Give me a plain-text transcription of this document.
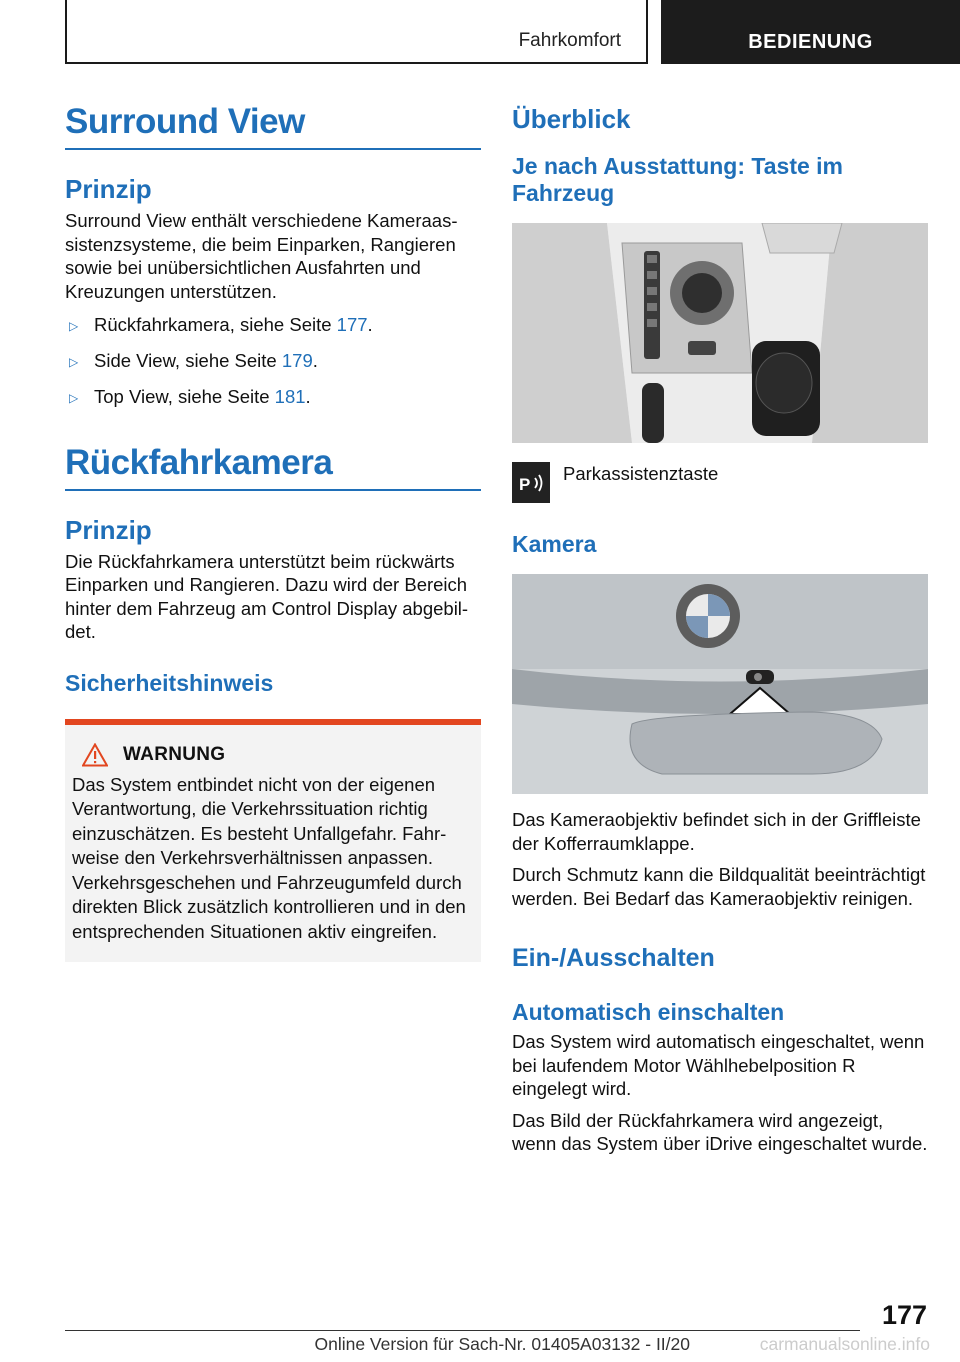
Fahrkomfort	BEDIENUNG
Surround View
Prinzip

Surround View enthält verschiedene Kameraassistenzsysteme, die beim Einparken, Rangieren sowie bei unübersichtlichen Ausfahrten und Kreuzungen unterstützen.

▷ Rückfahrkamera, siehe Seite 177.
▷ Side View, siehe Seite 179.
▷ Top View, siehe Seite 181.
Rückfahrkamera
Prinzip

Die Rückfahrkamera unterstützt beim rückwärts Einparken und Rangieren. Dazu wird der Bereich hinter dem Fahrzeug am Control Display abgebildet.

Sicherheitshinweis
WARNUNG

Das System entbindet nicht von der eigenen Verantwortung, die Verkehrssituation richtig einzuschätzen. Es besteht Unfallgefahr. Fahrweise den Verkehrsverhältnissen anpassen. Verkehrsgeschehen und Fahrzeugumfeld durch direkten Blick zusätzlich kontrollieren und in den entsprechenden Situationen aktiv eingreifen.

Überblick
Je nach Ausstattung: Taste im Fahrzeug
P Parkassistenztaste
Kamera

Das Kameraobjektiv befindet sich in der Griffleiste der Kofferraumklappe.

Durch Schmutz kann die Bildqualität beeinträchtigt werden. Bei Bedarf das Kameraobjektiv reinigen.

Ein-/Ausschalten
Automatisch einschalten

Das System wird automatisch eingeschaltet, wenn bei laufendem Motor Wählhebelposition R eingelegt wird.

Das Bild der Rückfahrkamera wird angezeigt, wenn das System über iDrive eingeschaltet wurde.

177
Online Version für Sach-Nr. 01405A03132 - II/20	carmanualsonline.info
